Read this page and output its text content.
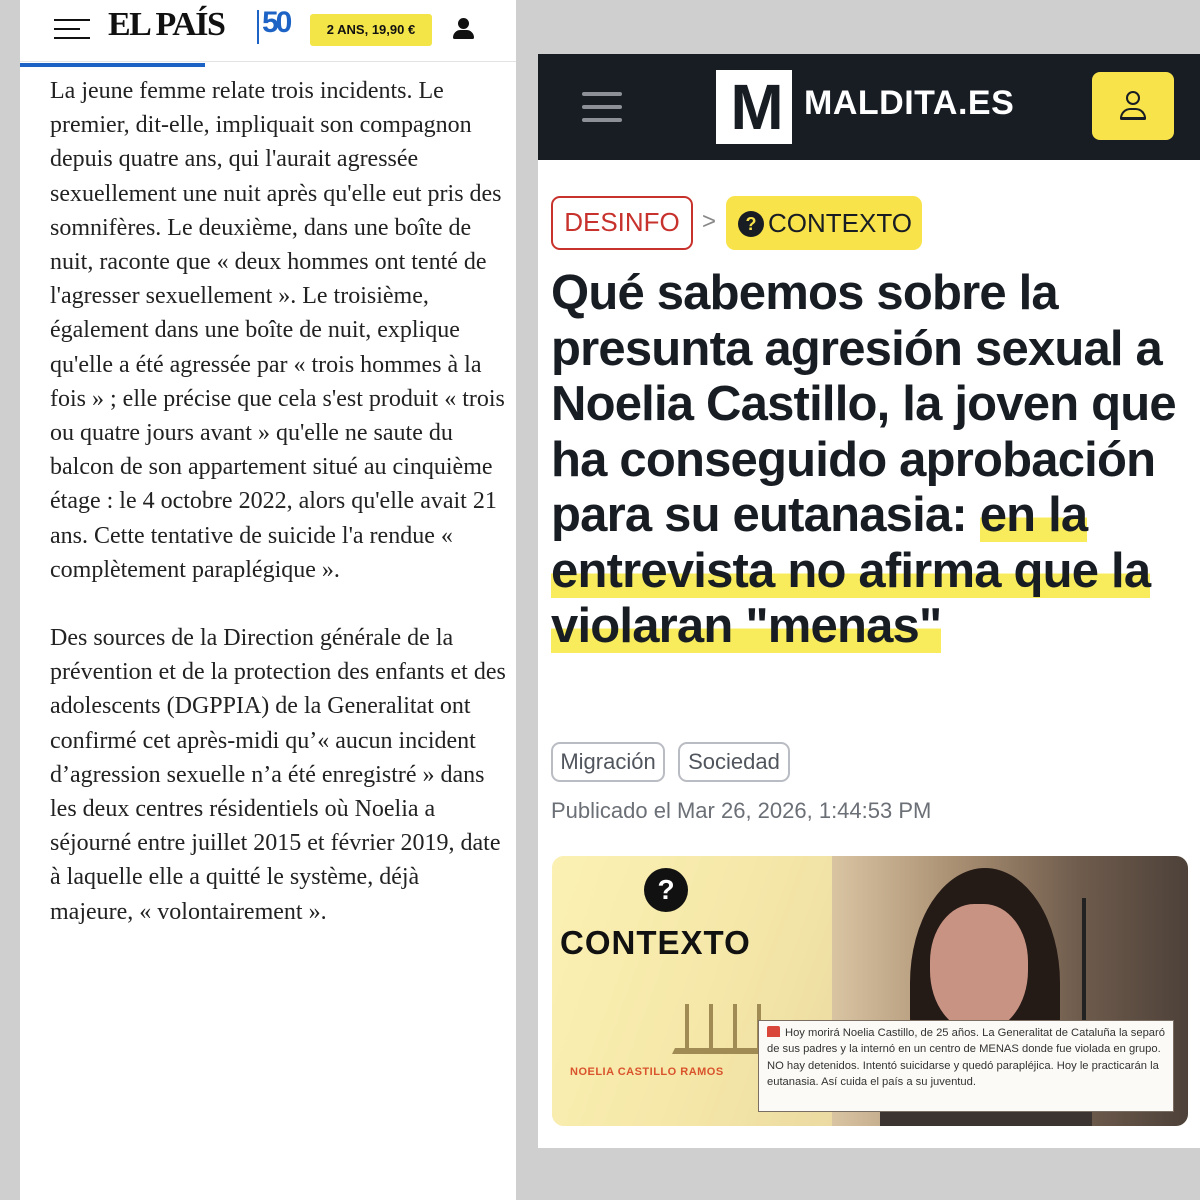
EL PAÍS 50	2 ANS, 19,90 €

La jeune femme relate trois incidents. Le premier, dit-elle, impliquait son compagnon depuis quatre ans, qui l'aurait agressée sexuellement une nuit après qu'elle eut pris des somnifères. Le deuxième, dans une boîte de nuit, raconte que « deux hommes ont tenté de l'agresser sexuellement ». Le troisième, également dans une boîte de nuit, explique qu'elle a été agressée par « trois hommes à la fois » ; elle précise que cela s'est produit « trois ou quatre jours avant » qu'elle ne saute du balcon de son appartement situé au cinquième étage : le 4 octobre 2022, alors qu'elle avait 21 ans. Cette tentative de suicide l'a rendue « complètement paraplégique ».

Des sources de la Direction générale de la prévention et de la protection des enfants et des adolescents (DGPPIA) de la Generalitat ont confirmé cet après-midi qu’« aucun incident d’agression sexuelle n’a été enregistré » dans les deux centres résidentiels où Noelia a séjourné entre juillet 2015 et février 2019, date à laquelle elle a quitté le système, déjà majeure, « volontairement ».

M MALDITA.ES
DESINFO >	? CONTEXTO
Qué sabemos sobre la presunta agresión sexual a Noelia Castillo, la joven que ha conseguido aprobación para su eutanasia: en la entrevista no afirma que la violaran "menas"
Migración	Sociedad
Publicado el Mar 26, 2026, 1:44:53 PM
?
CONTEXTO
NOELIA CASTILLO RAMOS
Hoy morirá Noelia Castillo, de 25 años. La Generalitat de Cataluña la separó de sus padres y la internó en un centro de MENAS donde fue violada en grupo. NO hay detenidos. Intentó suicidarse y quedó parapléjica. Hoy le practicarán la eutanasia. Así cuida el país a su juventud.
